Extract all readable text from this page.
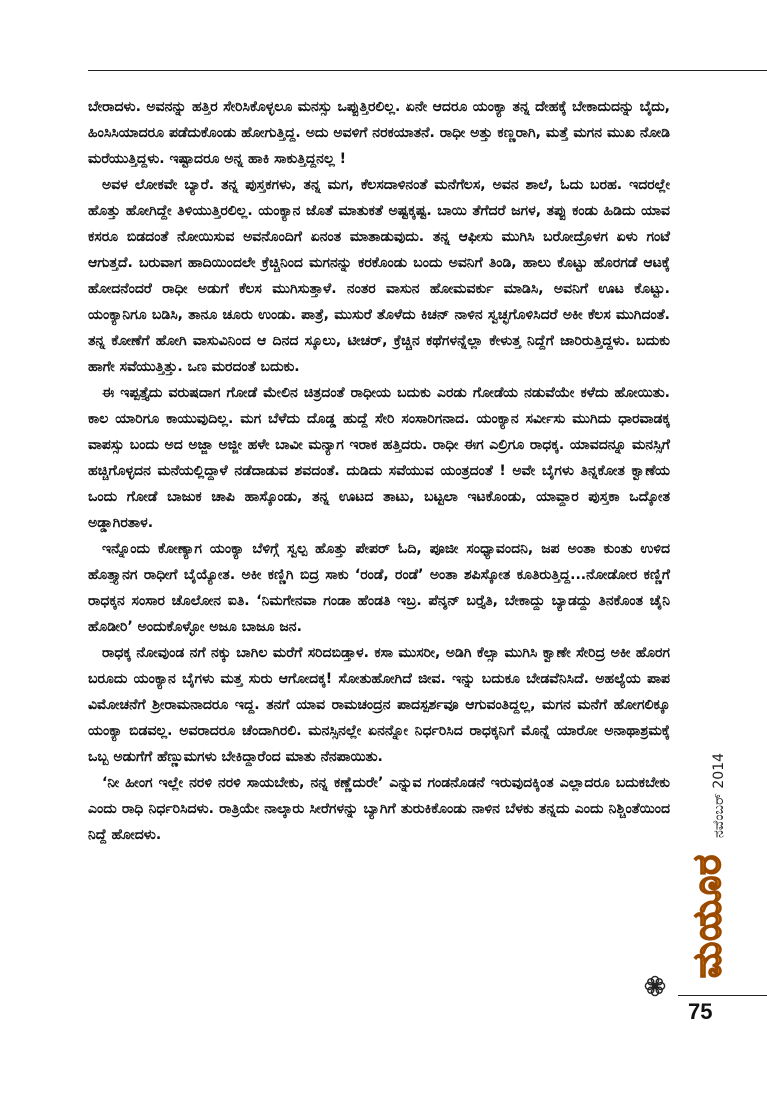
ಬೇರಾದಳು. ಅವನನ್ನು ಹತ್ತಿರ ಸೇರಿಸಿಕೊಳ್ಳಲೂ ಮನಸ್ಸು ಒಪ್ಪುತ್ತಿರಲಿಲ್ಲ. ಏನೇ ಆದರೂ ಯಂಕ್ಯಾ ತನ್ನ ದೇಹಕ್ಕೆ ಬೇಕಾದುದನ್ನು ಬೈದು, ಹಿಂಸಿಸಿಯಾದರೂ ಪಡೆದುಕೊಂಡು ಹೋಗುತ್ತಿದ್ದ. ಅದು ಅವಳಿಗೆ ನರಕಯಾತನೆ. ರಾಧೀ ಅತ್ತು ಕಣ್ಣರಾಗಿ, ಮತ್ತೆ ಮಗನ ಮುಖ ನೋಡಿ ಮರೆಯುತ್ತಿದ್ದಳು. ಇಷ್ಟಾದರೂ ಅನ್ನ ಹಾಕಿ ಸಾಕುತ್ತಿದ್ದನಲ್ಲ !

ಅವಳ ಲೋಕವೇ ಬ್ಯಾರೆ. ತನ್ನ ಪುಸ್ತಕಗಳು, ತನ್ನ ಮಗ, ಕೆಲಸದಾಳಿನಂತೆ ಮನೆಗೆಲಸ, ಅವನ ಶಾಲೆ, ಓದು ಬರಹ. ಇದರಲ್ಲೇ ಹೊತ್ತು ಹೋಗಿದ್ದೇ ತಿಳಿಯುತ್ತಿರಲಿಲ್ಲ. ಯಂಕ್ಯಾನ ಜೊತೆ ಮಾತುಕತೆ ಅಷ್ಟಕ್ಕಷ್ಟ. ಬಾಯಿ ತೆಗೆದರೆ ಜಗಳ, ತಪ್ಪು ಕಂಡು ಹಿಡಿದು ಯಾವ ಕಸರೂ ಬಿಡದಂತೆ ನೋಯಿಸುವ ಅವನೊಂದಿಗೆ ಏನಂತ ಮಾತಾಡುವುದು. ತನ್ನ ಆಫೀಸು ಮುಗಿಸಿ ಬರೋದ್ರೊಳಗ ಏಳು ಗಂಟೆ ಆಗುತ್ತದೆ. ಬರುವಾಗ ಹಾದಿಯಿಂದಲೇ ಕ್ರೆಚ್ಚಿನಿಂದ ಮಗನನ್ನು ಕರಕೊಂಡು ಬಂದು ಅವನಿಗೆ ತಿಂಡಿ, ಹಾಲು ಕೊಟ್ಟು ಹೊರಗಡೆ ಆಟಕ್ಕೆ ಹೋದನೆಂದರೆ ರಾಧೀ ಅಡುಗೆ ಕೆಲಸ ಮುಗಿಸುತ್ತಾಳೆ. ನಂತರ ವಾಸುನ ಹೋಮವರ್ಕು ಮಾಡಿಸಿ, ಅವನಿಗೆ ಊಟ ಕೊಟ್ಟು. ಯಂಕ್ಯಾನಿಗೂ ಬಡಿಸಿ, ತಾನೂ ಚೂರು ಉಂಡು. ಪಾತ್ರೆ, ಮುಸುರೆ ತೊಳೆದು ಕಿಚನ್ ನಾಳಿನ ಸ್ವಚ್ಛಗೊಳಿಸಿದರೆ ಅಕೀ ಕೆಲಸ ಮುಗಿದಂತೆ. ತನ್ನ ಕೋಣೆಗೆ ಹೋಗಿ ವಾಸುವಿನಿಂದ ಆ ದಿನದ ಸ್ಕೂಲು, ಟೀಚರ್, ಕ್ರೆಚ್ಚಿನ ಕಥೆಗಳನ್ನೆಲ್ಲಾ ಕೇಳುತ್ತ ನಿದ್ದೆಗೆ ಜಾರಿರುತ್ತಿದ್ದಳು. ಬದುಕು ಹಾಗೇ ಸವೆಯುತ್ತಿತ್ತು. ಒಣ ಮರದಂತೆ ಬದುಕು.

ಈ ಇಪ್ಪತ್ತೈದು ವರುಷದಾಗ ಗೋಡೆ ಮೇಲಿನ ಚಿತ್ರದಂತೆ ರಾಧೀಯ ಬದುಕು ಎರಡು ಗೋಡೆಯ ನಡುವೆಯೇ ಕಳೆದು ಹೋಯಿತು. ಕಾಲ ಯಾರಿಗೂ ಕಾಯುವುದಿಲ್ಲ. ಮಗ ಬೆಳೆದು ದೊಡ್ಡ ಹುದ್ದೆ ಸೇರಿ ಸಂಸಾರಿಗನಾದ. ಯಂಕ್ಯಾನ ಸರ್ವೀಸು ಮುಗಿದು ಧಾರವಾಡಕ್ಕ ವಾಪಸ್ಸು ಬಂದು ಅದ ಅಜ್ಜಾ ಅಜ್ಜೀ ಹಳೇ ಬಾವೀ ಮನ್ಯಾಗ ಇರಾಕ ಹತ್ತಿದರು. ರಾಧೀ ಈಗ ಎಲ್ರಿಗೂ ರಾಧಕ್ಕ. ಯಾವದನ್ನೂ ಮನಸ್ಸಿಗೆ ಹಚ್ಚಿಗೊಳ್ಳದನ ಮನೆಯಲ್ಲಿದ್ದಾಳೆ ನಡೆದಾಡುವ ಶವದಂತೆ. ದುಡಿದು ಸವೆಯುವ ಯಂತ್ರದಂತೆ ! ಅವೇ ಬೈಗಳು ತಿನ್ನಕೋತ ಕ್ವಾಣೆಯ ಒಂದು ಗೋಡೆ ಬಾಜುಕ ಚಾಪಿ ಹಾಸ್ಕೊಂಡು, ತನ್ನ ಊಟದ ತಾಟು, ಬಟ್ಟಲಾ ಇಟಕೊಂಡು, ಯಾವ್ದಾರ ಪುಸ್ತಕಾ ಒದ್ಕೋತ ಅಡ್ಡಾಗಿರತಾಳ.

ಇನ್ನೊಂದು ಕೋಣ್ಯಾಗ ಯಂಕ್ಯಾ ಬೆಳಿಗ್ಗೆ ಸ್ವಲ್ಪ ಹೊತ್ತು ಪೇಪರ್ ಓದಿ, ಪೂಜೀ ಸಂಧ್ಯಾವಂದನಿ, ಜಪ ಅಂತಾ ಕುಂತು ಉಳಿದ ಹೊತ್ತ್ಯಾನಗ ರಾಧೀಗೆ ಬೈಯ್ಯೋತ. ಅಕೀ ಕಣ್ಣಿಗಿ ಬಿದ್ರ ಸಾಕು ‘ರಂಡೆ, ರಂಡೆ’ ಅಂತಾ ಶಪಿಸ್ಕೋತ ಕೂತಿರುತ್ತಿದ್ದ...ನೋಡೋರ ಕಣ್ಣಿಗೆ ರಾಧಕ್ಕನ ಸಂಸಾರ ಚೊಲೋನ ಐತಿ. ‘ನಿಮಗೇನವಾ ಗಂಡಾ ಹೆಂಡತಿ ಇಬ್ರ. ಪೆನ್ಶನ್ ಬರ್‍ತೈತಿ, ಬೇಕಾದ್ದು ಬ್ಯಾಡದ್ದು ತಿನಕೊಂತ ಚೈನಿ ಹೊಡೀರಿ’ ಅಂದುಕೊಳ್ಳೋ ಅಜೂ ಬಾಜೂ ಜನ.

ರಾಧಕ್ಕ ನೋವುಂಡ ನಗೆ ನಕ್ಕು ಬಾಗಿಲ ಮರೆಗೆ ಸರಿದಬಿಡ್ತಾಳ. ಕಸಾ ಮುಸರೀ, ಅಡಿಗಿ ಕೆಲ್ಸಾ ಮುಗಿಸಿ ಕ್ವಾಣೇ ಸೇರಿದ್ರ ಅಕೀ ಹೊರಗ ಬರೂದು ಯಂಕ್ಯಾನ ಬೈಗಳು ಮತ್ತ ಸುರು ಆಗೋದಕ್ಕ! ಸೋತುಹೋಗಿದೆ ಜೀವ. ಇನ್ನು ಬದುಕೂ ಬೇಡವೆನಿಸಿದೆ. ಅಹಲ್ಯೆಯ ಪಾಪ ವಿಮೋಚನೆಗೆ ಶ್ರೀರಾಮನಾದರೂ ಇದ್ದ. ತನಗೆ ಯಾವ ರಾಮಚಂದ್ರನ ಪಾದಸ್ಪರ್ಶವೂ ಆಗುವಂತಿದ್ದಲ್ಲ, ಮಗನ ಮನೆಗೆ ಹೋಗಲಿಕ್ಕೂ ಯಂಕ್ಯಾ ಬಿಡವಲ್ಲ. ಅವರಾದರೂ ಚೆಂದಾಗಿರಲಿ. ಮನಸ್ಸಿನಲ್ಲೇ ಏನನ್ನೋ ನಿರ್ಧರಿಸಿದ ರಾಧಕ್ಕನಿಗೆ ಮೊನ್ನೆ ಯಾರೋ ಅನಾಥಾಶ್ರಮಕ್ಕೆ ಒಬ್ಬ ಅಡುಗೆಗೆ ಹೆಣ್ಣುಮಗಳು ಬೇಕಿದ್ದಾರೆಂದ ಮಾತು ನೆನಪಾಯಿತು.

‘ನೀ ಹೀಂಗ ಇಲ್ಲೇ ನರಳಿ ನರಳಿ ಸಾಯಬೇಕು, ನನ್ನ ಕಣ್ಣೆದುರೇ’ ಎನ್ನುವ ಗಂಡನೊಡನೆ ಇರುವುದಕ್ಕಿಂತ ಎಲ್ಲಾದರೂ ಬದುಕಬೇಕು ಎಂದು ರಾಧಿ ನಿರ್ಧರಿಸಿದಳು. ರಾತ್ರಿಯೇ ನಾಲ್ಕಾರು ಸೀರೆಗಳನ್ನು ಬ್ಯಾಗಿಗೆ ತುರುಕಿಕೊಂಡು ನಾಳಿನ ಬೆಳಕು ತನ್ನದು ಎಂದು ನಿಶ್ಚಿಂತೆಯಿಂದ ನಿದ್ದೆ ಹೋದಳು.

ಮಯೂರ
ನವೆಂಬರ್ 2014
75
